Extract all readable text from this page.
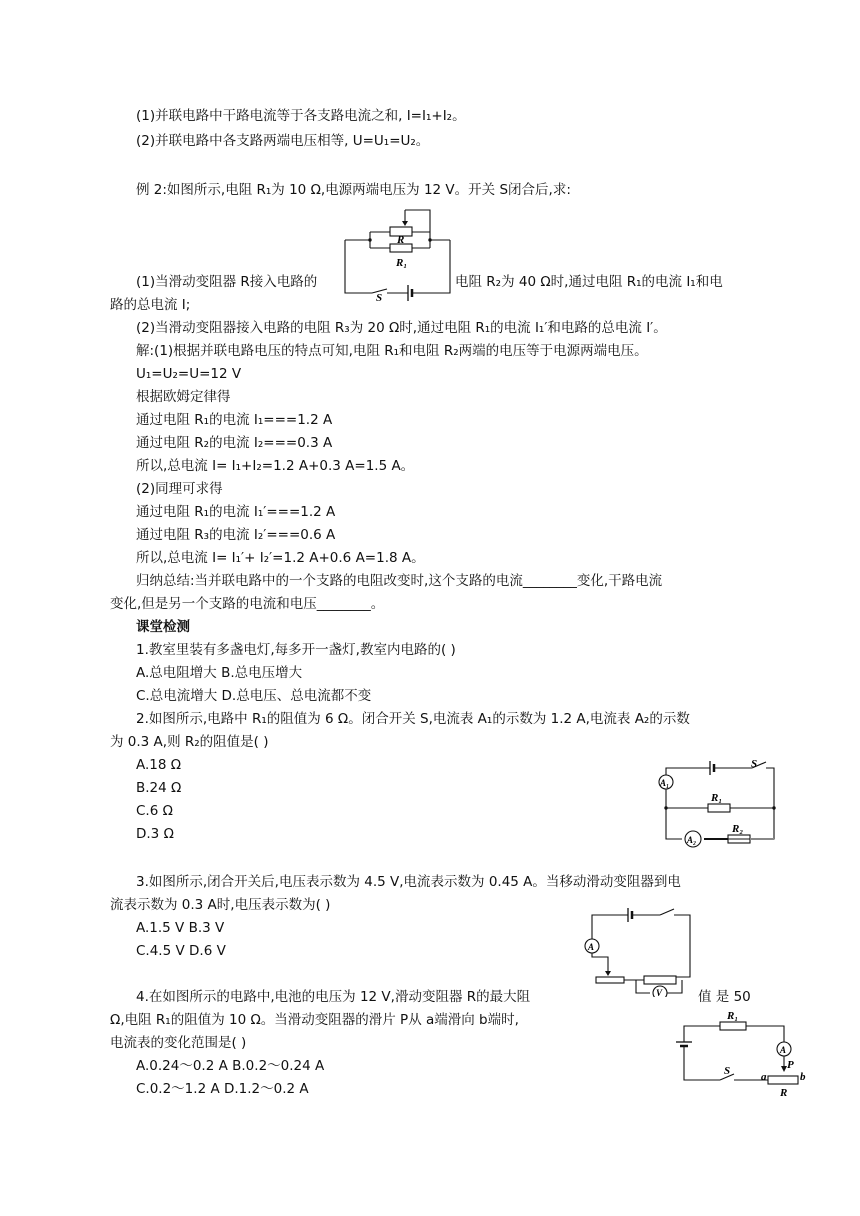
(1)并联电路中干路电流等于各支路电流之和, I=I₁+I₂。
(2)并联电路中各支路两端电压相等, U=U₁=U₂。
例 2:如图所示,电阻 R₁为 10 Ω,电源两端电压为 12 V。开关 S闭合后,求:
(1)当滑动变阻器 R接入电路的	电阻 R₂为 40 Ω时,通过电阻 R₁的电流 I₁和电
路的总电流 I;
(2)当滑动变阻器接入电路的电阻 R₃为 20 Ω时,通过电阻 R₁的电流 I₁′和电路的总电流 I′。
解:(1)根据并联电路电压的特点可知,电阻 R₁和电阻 R₂两端的电压等于电源两端电压。
U₁=U₂=U=12 V
根据欧姆定律得
通过电阻 R₁的电流 I₁===1.2 A
通过电阻 R₂的电流 I₂===0.3 A
所以,总电流 I= I₁+I₂=1.2 A+0.3 A=1.5 A。
(2)同理可求得
通过电阻 R₁的电流 I₁′===1.2 A
通过电阻 R₃的电流 I₂′===0.6 A
所以,总电流 I= I₁′+ I₂′=1.2 A+0.6 A=1.8 A。
归纳总结:当并联电路中的一个支路的电阻改变时,这个支路的电流________变化,干路电流
变化,但是另一个支路的电流和电压________。
课堂检测
1.教室里装有多盏电灯,每多开一盏灯,教室内电路的( )
A.总电阻增大 B.总电压增大
C.总电流增大 D.总电压、总电流都不变
2.如图所示,电路中 R₁的阻值为 6 Ω。闭合开关 S,电流表 A₁的示数为 1.2 A,电流表 A₂的示数
为 0.3 A,则 R₂的阻值是( )
A.18 Ω
B.24 Ω
C.6 Ω
D.3 Ω
3.如图所示,闭合开关后,电压表示数为 4.5 V,电流表示数为 0.45 A。当移动滑动变阻器到电
流表示数为 0.3 A时,电压表示数为( )
A.1.5 V B.3 V
C.4.5 V D.6 V
4.在如图所示的电路中,电池的电压为 12 V,滑动变阻器 R的最大阻	值 是 50
Ω,电阻 R₁的阻值为 10 Ω。当滑动变阻器的滑片 P从 a端滑向 b端时,
电流表的变化范围是( )
A.0.24～0.2 A B.0.2～0.24 A
C.0.2～1.2 A D.1.2～0.2 A
R
R₁
S
S
R₁
R₂
A₁
A₂
A
V
R₁
A
S	a
P
b
R
